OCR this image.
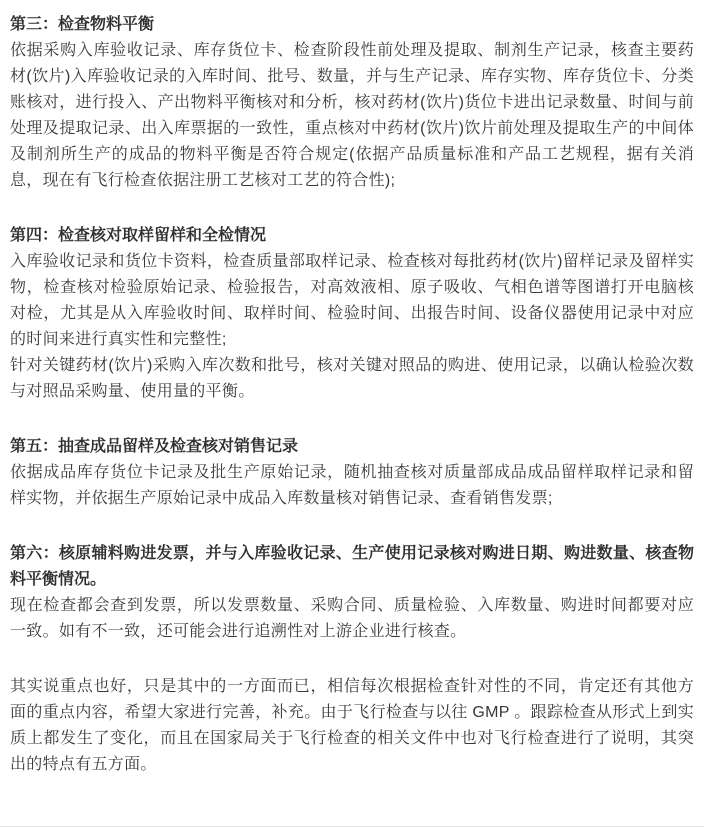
第三：检查物料平衡

依据采购入库验收记录、库存货位卡、检查阶段性前处理及提取、制剂生产记录，核查主要药材(饮片)入库验收记录的入库时间、批号、数量，并与生产记录、库存实物、库存货位卡、分类账核对，进行投入、产出物料平衡核对和分析，核对药材(饮片)货位卡进出记录数量、时间与前处理及提取记录、出入库票据的一致性，重点核对中药材(饮片)饮片前处理及提取生产的中间体及制剂所生产的成品的物料平衡是否符合规定(依据产品质量标准和产品工艺规程，据有关消息，现在有飞行检查依据注册工艺核对工艺的符合性);

第四：检查核对取样留样和全检情况

入库验收记录和货位卡资料，检查质量部取样记录、检查核对每批药材(饮片)留样记录及留样实物，检查核对检验原始记录、检验报告，对高效液相、原子吸收、气相色谱等图谱打开电脑核对检，尤其是从入库验收时间、取样时间、检验时间、出报告时间、设备仪器使用记录中对应的时间来进行真实性和完整性;

针对关键药材(饮片)采购入库次数和批号，核对关键对照品的购进、使用记录，以确认检验次数与对照品采购量、使用量的平衡。

第五：抽查成品留样及检查核对销售记录

依据成品库存货位卡记录及批生产原始记录，随机抽查核对质量部成品成品留样取样记录和留样实物，并依据生产原始记录中成品入库数量核对销售记录、查看销售发票;

第六：核原辅料购进发票，并与入库验收记录、生产使用记录核对购进日期、购进数量、核查物料平衡情况。

现在检查都会查到发票，所以发票数量、采购合同、质量检验、入库数量、购进时间都要对应一致。如有不一致，还可能会进行追溯性对上游企业进行核查。

其实说重点也好，只是其中的一方面而已，相信每次根据检查针对性的不同，肯定还有其他方面的重点内容，希望大家进行完善，补充。由于飞行检查与以往 GMP 。跟踪检查从形式上到实质上都发生了变化，而且在国家局关于飞行检查的相关文件中也对飞行检查进行了说明，其突出的特点有五方面。
